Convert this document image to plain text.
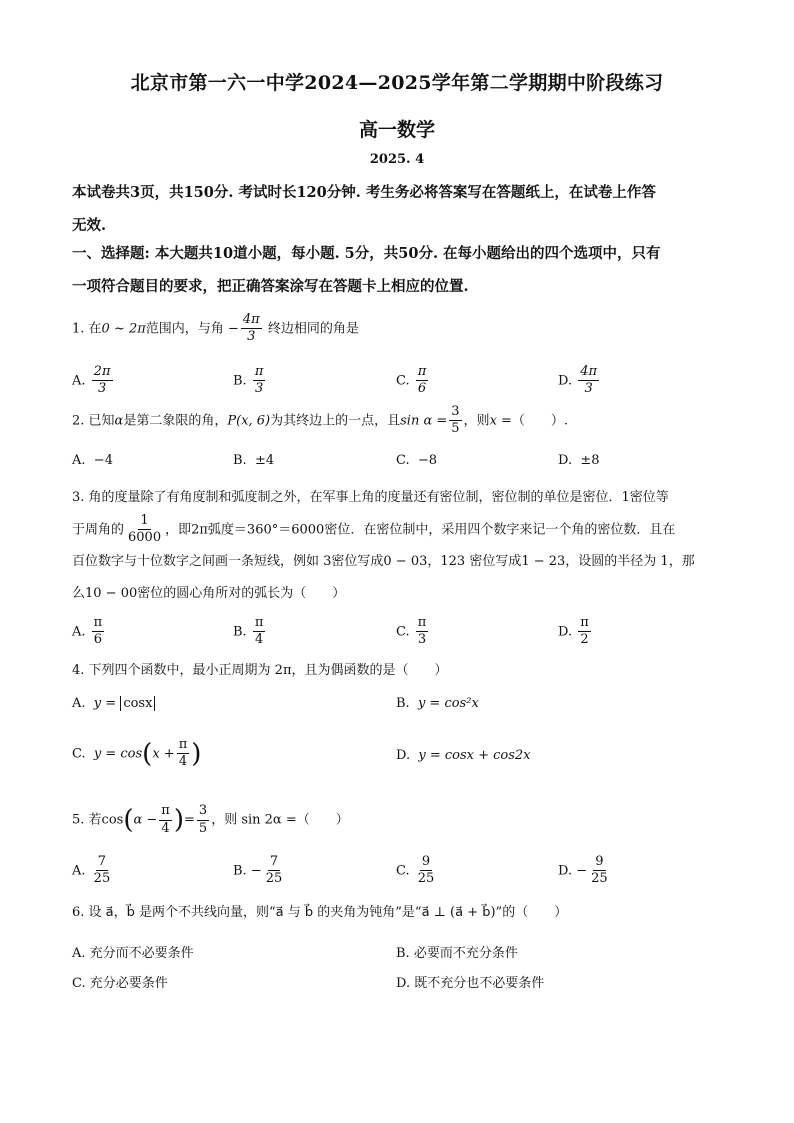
北京市第一六一中学2024—2025学年第二学期期中阶段练习
高一数学
2025. 4
本试卷共3页，共150分. 考试时长120分钟. 考生务必将答案写在答题纸上，在试卷上作答
无效.
一、选择题: 本大题共10道小题，每小题. 5分，共50分. 在每小题给出的四个选项中，只有
一项符合题目的要求，把正确答案涂写在答题卡上相应的位置.
1. 在0 ~ 2π范围内，与角 − $\frac{4\pi}{3}$ 终边相同的角是
A. $\frac{2\pi}{3}$	B. $\frac{\pi}{3}$	C. $\frac{\pi}{6}$	D. $\frac{4\pi}{3}$
2. 已知α是第二象限的角，P(x, 6)为其终边上的一点，且$\sin \alpha = \frac{3}{5}$ ，则x =（　　）.
A. −4	B. ±4	C. −8	D. ±8
3. 角的度量除了有角度制和弧度制之外，在军事上角的度量还有密位制，密位制的单位是密位．1密位等
于周角的 $\frac{1}{6000}$ ，即2π弧度＝360°＝6000密位．在密位制中，采用四个数字来记一个角的密位数．且在
百位数字与十位数字之间画一条短线，例如 3密位写成0 − 03，123 密位写成1 − 23，设圆的半径为 1，那
么10 − 00密位的圆心角所对的弧长为（　　）
A. $\frac{\pi}{6}$	B. $\frac{\pi}{4}$	C. $\frac{\pi}{3}$	D. $\frac{\pi}{2}$
4. 下列四个函数中，最小正周期为 2π，且为偶函数的是（　　）
A. y = cosx	B. y = cos²x
C. $y = \cos(x + \frac{\pi}{4}$ )	D. y = cosx + cos2x
5. 若$\cos(\alpha - \frac{\pi}{4}$ )= $\frac{3}{5}$ ，则 sin 2α =（　　）
A. $\frac{7}{25}$	B. − $\frac{7}{25}$	C. $\frac{9}{25}$	D. − $\frac{9}{25}$
6. 设 a⃗，b⃗ 是两个不共线向量，则“a⃗ 与 b⃗ 的夹角为钝角”是“a⃗ ⊥ (a⃗ + b⃗)”的（　　）
A. 充分而不必要条件	B. 必要而不充分条件
C. 充分必要条件	D. 既不充分也不必要条件
